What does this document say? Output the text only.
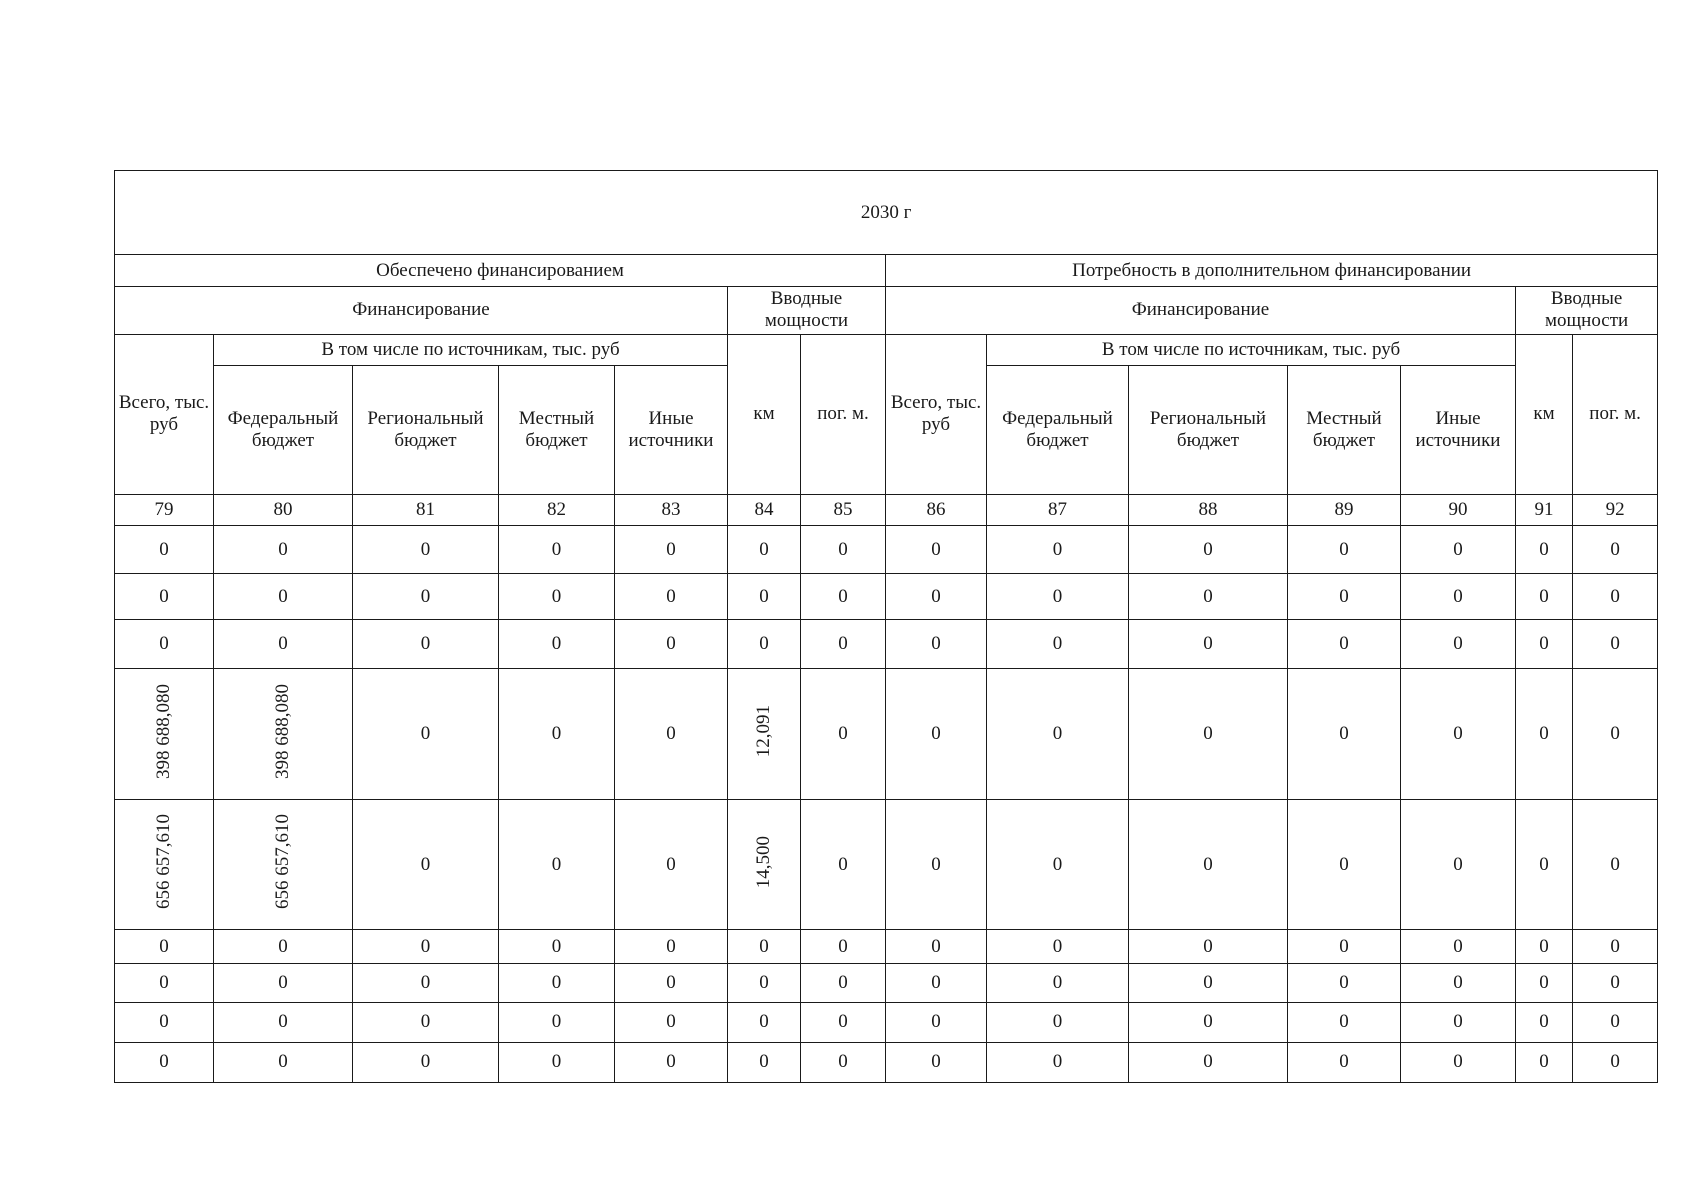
2030 г													
Обеспечено финансированием							Потребность в дополнительном финансировании						
Финансирование					Вводные мощности		Финансирование					Вводные мощности	
Всего, тыс. руб	В том числе по источникам, тыс. руб				км	пог. м.	Всего, тыс. руб	В том числе по источникам, тыс. руб				км	пог. м.
	Федеральный бюджет	Региональный бюджет	Местный бюджет	Иные источники				Федеральный бюджет	Региональный бюджет	Местный бюджет	Иные источники		
79	80	81	82	83	84	85	86	87	88	89	90	91	92
0	0	0	0	0	0	0	0	0	0	0	0	0	0
0	0	0	0	0	0	0	0	0	0	0	0	0	0
0	0	0	0	0	0	0	0	0	0	0	0	0	0
398 688,080	398 688,080	0	0	0	12,091	0	0	0	0	0	0	0	0
656 657,610	656 657,610	0	0	0	14,500	0	0	0	0	0	0	0	0
0	0	0	0	0	0	0	0	0	0	0	0	0	0
0	0	0	0	0	0	0	0	0	0	0	0	0	0
0	0	0	0	0	0	0	0	0	0	0	0	0	0
0	0	0	0	0	0	0	0	0	0	0	0	0	0
